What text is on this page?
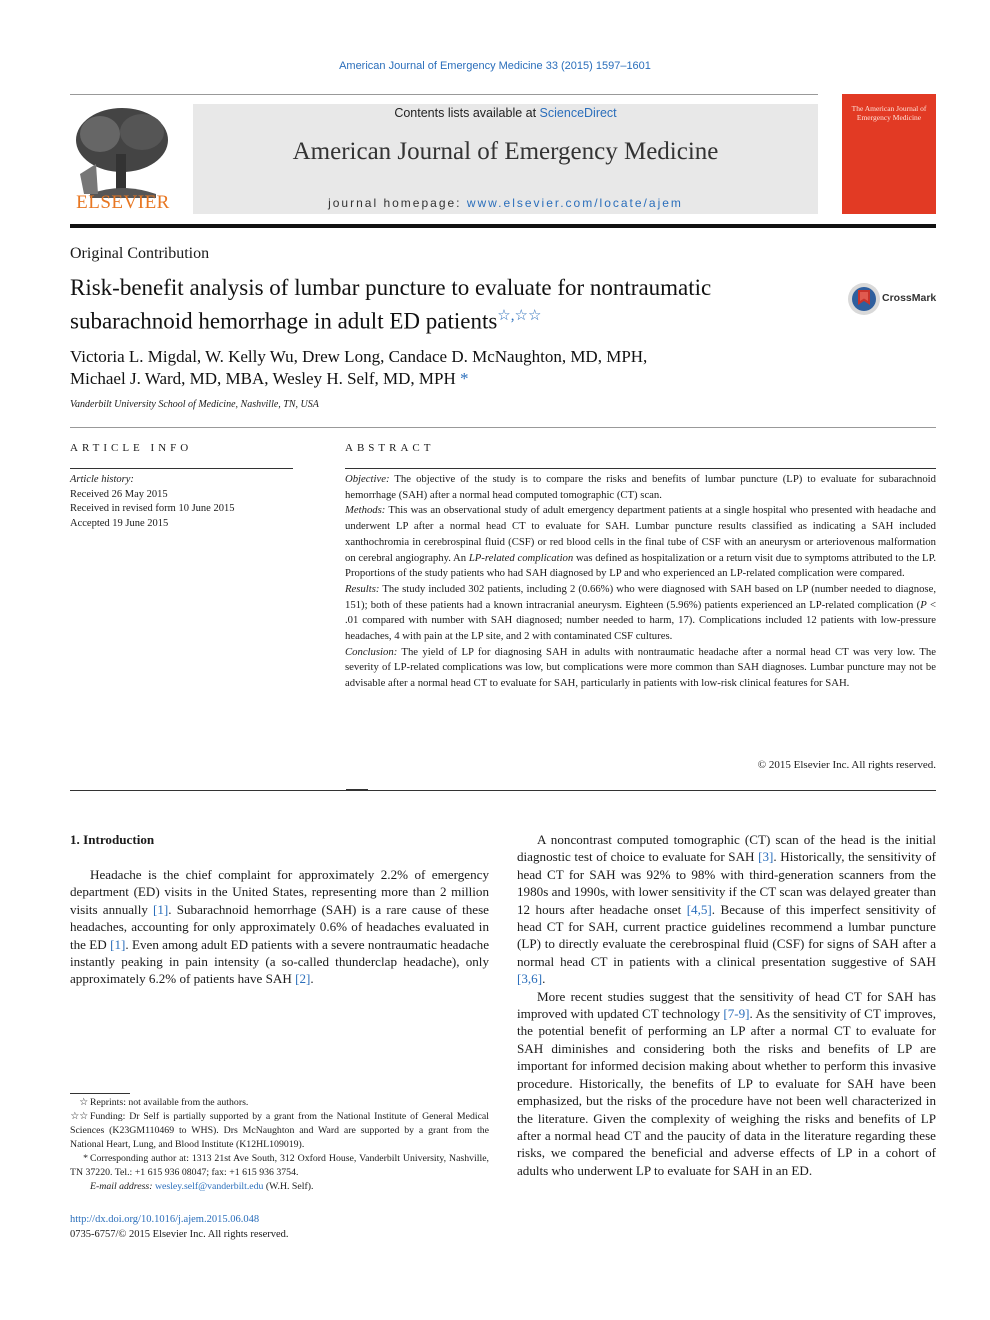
American Journal of Emergency Medicine 33 (2015) 1597–1601
ELSEVIER
Contents lists available at ScienceDirect
American Journal of Emergency Medicine
journal homepage: www.elsevier.com/locate/ajem
The American Journal of Emergency Medicine
Original Contribution
Risk-benefit analysis of lumbar puncture to evaluate for nontraumatic subarachnoid hemorrhage in adult ED patients☆,☆☆
CrossMark
Victoria L. Migdal, W. Kelly Wu, Drew Long, Candace D. McNaughton, MD, MPH,
Michael J. Ward, MD, MBA, Wesley H. Self, MD, MPH *
Vanderbilt University School of Medicine, Nashville, TN, USA
ARTICLE INFO	ABSTRACT
Article history:
Received 26 May 2015
Received in revised form 10 June 2015
Accepted 19 June 2015

Objective: The objective of the study is to compare the risks and benefits of lumbar puncture (LP) to evaluate for subarachnoid hemorrhage (SAH) after a normal head computed tomographic (CT) scan.

Methods: This was an observational study of adult emergency department patients at a single hospital who presented with headache and underwent LP after a normal head CT to evaluate for SAH. Lumbar puncture results classified as indicating a SAH included xanthochromia in cerebrospinal fluid (CSF) or red blood cells in the final tube of CSF with an aneurysm or arteriovenous malformation on cerebral angiography. An LP-related complication was defined as hospitalization or a return visit due to symptoms attributed to the LP. Proportions of the study patients who had SAH diagnosed by LP and who experienced an LP-related complication were compared.

Results: The study included 302 patients, including 2 (0.66%) who were diagnosed with SAH based on LP (number needed to diagnose, 151); both of these patients had a known intracranial aneurysm. Eighteen (5.96%) patients experienced an LP-related complication (P < .01 compared with number with SAH diagnosed; number needed to harm, 17). Complications included 12 patients with low-pressure headaches, 4 with pain at the LP site, and 2 with contaminated CSF cultures.

Conclusion: The yield of LP for diagnosing SAH in adults with nontraumatic headache after a normal head CT was very low. The severity of LP-related complications was low, but complications were more common than SAH diagnoses. Lumbar puncture may not be advisable after a normal head CT to evaluate for SAH, particularly in patients with low-risk clinical features for SAH.

© 2015 Elsevier Inc. All rights reserved.
1. Introduction

Headache is the chief complaint for approximately 2.2% of emergency department (ED) visits in the United States, representing more than 2 million visits annually [1]. Subarachnoid hemorrhage (SAH) is a rare cause of these headaches, accounting for only approximately 0.6% of headaches evaluated in the ED [1]. Even among adult ED patients with a severe nontraumatic headache instantly peaking in pain intensity (a so-called thunderclap headache), only approximately 6.2% of patients have SAH [2].

A noncontrast computed tomographic (CT) scan of the head is the initial diagnostic test of choice to evaluate for SAH [3]. Historically, the sensitivity of head CT for SAH was 92% to 98% with third-generation scanners from the 1980s and 1990s, with lower sensitivity if the CT scan was delayed greater than 12 hours after headache onset [4,5]. Because of this imperfect sensitivity of head CT for SAH, current practice guidelines recommend a lumbar puncture (LP) to directly evaluate the cerebrospinal fluid (CSF) for signs of SAH after a normal head CT in patients with a clinical presentation suggestive of SAH [3,6].

More recent studies suggest that the sensitivity of head CT for SAH has improved with updated CT technology [7-9]. As the sensitivity of CT improves, the potential benefit of performing an LP after a normal CT to evaluate for SAH diminishes and considering both the risks and benefits of LP are important for informed decision making about whether to perform this invasive procedure. Historically, the benefits of LP to evaluate for SAH have been emphasized, but the risks of the procedure have not been well characterized in the literature. Given the complexity of weighing the risks and benefits of LP after a normal head CT and the paucity of data in the literature regarding these risks, we compared the beneficial and adverse effects of LP in a cohort of adults who underwent LP to evaluate for SAH in an ED.

☆ Reprints: not available from the authors.

☆☆ Funding: Dr Self is partially supported by a grant from the National Institute of General Medical Sciences (K23GM110469 to WHS). Drs McNaughton and Ward are supported by a grant from the National Heart, Lung, and Blood Institute (K12HL109019).

* Corresponding author at: 1313 21st Ave South, 312 Oxford House, Vanderbilt University, Nashville, TN 37220. Tel.: +1 615 936 08047; fax: +1 615 936 3754.

E-mail address: wesley.self@vanderbilt.edu (W.H. Self).

http://dx.doi.org/10.1016/j.ajem.2015.06.048
0735-6757/© 2015 Elsevier Inc. All rights reserved.
